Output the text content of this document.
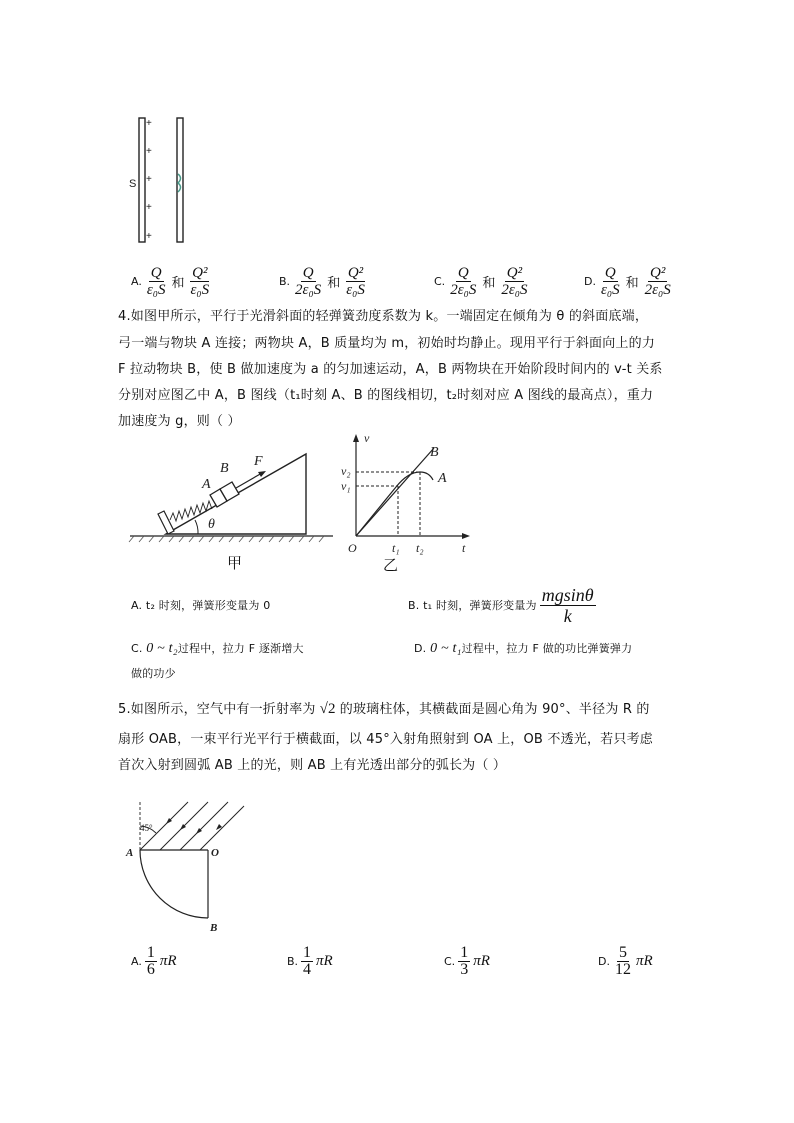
+
+
+
+
+
S
A. $\frac{Q}{\text{ε₀S}}$ 和 $\frac{\text{Q²}}{\text{ε₀S}}$	B. $\frac{Q}{\text{2ε₀S}}$ 和 $\frac{\text{Q²}}{\text{ε₀S}}$	C. $\frac{Q}{\text{2ε₀S}}$ 和 $\frac{\text{Q²}}{\text{2ε₀S}}$	D. $\frac{Q}{\text{ε₀S}}$ 和 $\frac{\text{Q²}}{\text{2ε₀S}}$
4.如图甲所示，平行于光滑斜面的轻弹簧劲度系数为 k。一端固定在倾角为 θ 的斜面底端，
弓一端与物块 A 连接；两物块 A，B 质量均为 m，初始时均静止。现用平行于斜面向上的力
F 拉动物块 B，使 B 做加速度为 a 的匀加速运动，A，B 两物块在开始阶段时间内的 v-t 关系
分别对应图乙中 A，B 图线（t₁时刻 A、B 的图线相切，t₂时刻对应 A 图线的最高点），重力
加速度为 g，则（ ）
A
B F
θ
甲
v
t
O
v₁
v₂
t₁ t₂
A
B
乙
A. t₂ 时刻，弹簧形变量为 0	B. t₁ 时刻，弹簧形变量为 $\frac{mgsin\theta}{k}$
C. 0 ~ t₂过程中，拉力 F 逐渐增大	D. 0 ~ t₁过程中，拉力 F 做的功比弹簧弹力
做的功少
5.如图所示，空气中有一折射率为 √2 的玻璃柱体，其横截面是圆心角为 90°、半径为 R 的
扇形 OAB，一束平行光平行于横截面，以 45°入射角照射到 OA 上，OB 不透光，若只考虑
首次入射到圆弧 AB 上的光，则 AB 上有光透出部分的弧长为（ ）
45°
A	O
B
A. $\frac{1}{6}$ πR	B. $\frac{1}{4}$ πR	C. $\frac{1}{3}$ πR	D. $\frac{5}{12}$ πR
